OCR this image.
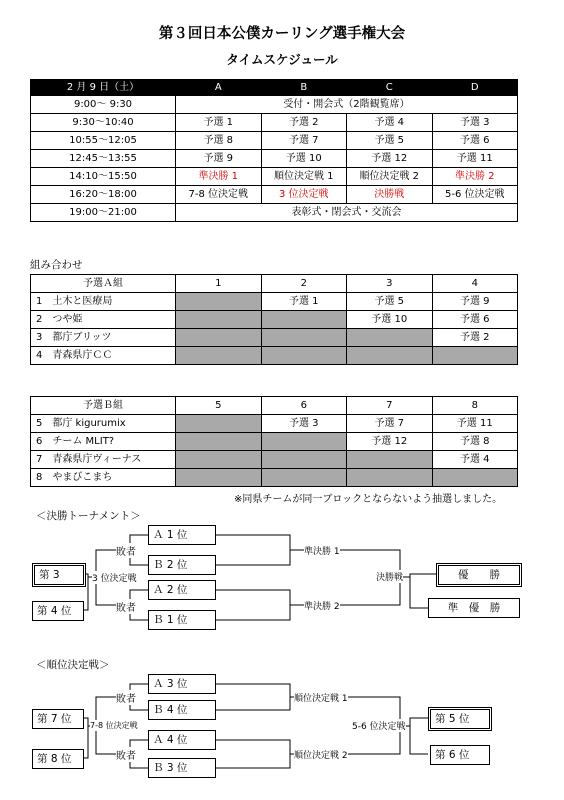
第３回日本公僕カーリング選手権大会
タイムスケジュール
2 月 9 日（土）	A	B	C	D
9:00～ 9:30	受付・開会式（2階観覧席）			
9:30～10:40	予選 1	予選 2	予選 4	予選 3
10:55～12:05	予選 8	予選 7	予選 5	予選 6
12:45～13:55	予選 9	予選 10	予選 12	予選 11
14:10～15:50	準決勝 1	順位決定戦 1	順位決定戦 2	準決勝 2
16:20～18:00	7-8 位決定戦	3 位決定戦	決勝戦	5-6 位決定戦
19:00～21:00	表彰式・閉会式・交流会			
組み合わせ
予選Ａ組	1	2	3	4
1　土木と医療局		予選 1	予選 5	予選 9
2　つや姫			予選 10	予選 6
3　都庁ブリッツ				予選 2
4　青森県庁ＣＣ				
予選Ｂ組	5	6	7	8
5　都庁 kigurumix		予選 3	予選 7	予選 11
6　チーム MLIT?			予選 12	予選 8
7　青森県庁ヴィーナス				予選 4
8　やまびこまち				
※同県チームが同一ブロックとならないよう抽選しました。
＜決勝トーナメント＞
Ａ 1 位
Ｂ 2 位
Ａ 2 位
Ｂ 1 位
敗者
敗者
準決勝 1
準決勝 2
決勝戦
3 位決定戦
第 3
第 4 位
優　　勝
準　優　勝
＜順位決定戦＞
Ａ 3 位
Ｂ 4 位
Ａ 4 位
Ｂ 3 位
敗者
敗者
順位決定戦 1
順位決定戦 2
5-6 位決定戦
7-8 位決定戦
第 7 位
第 8 位
第 5 位
第 6 位
